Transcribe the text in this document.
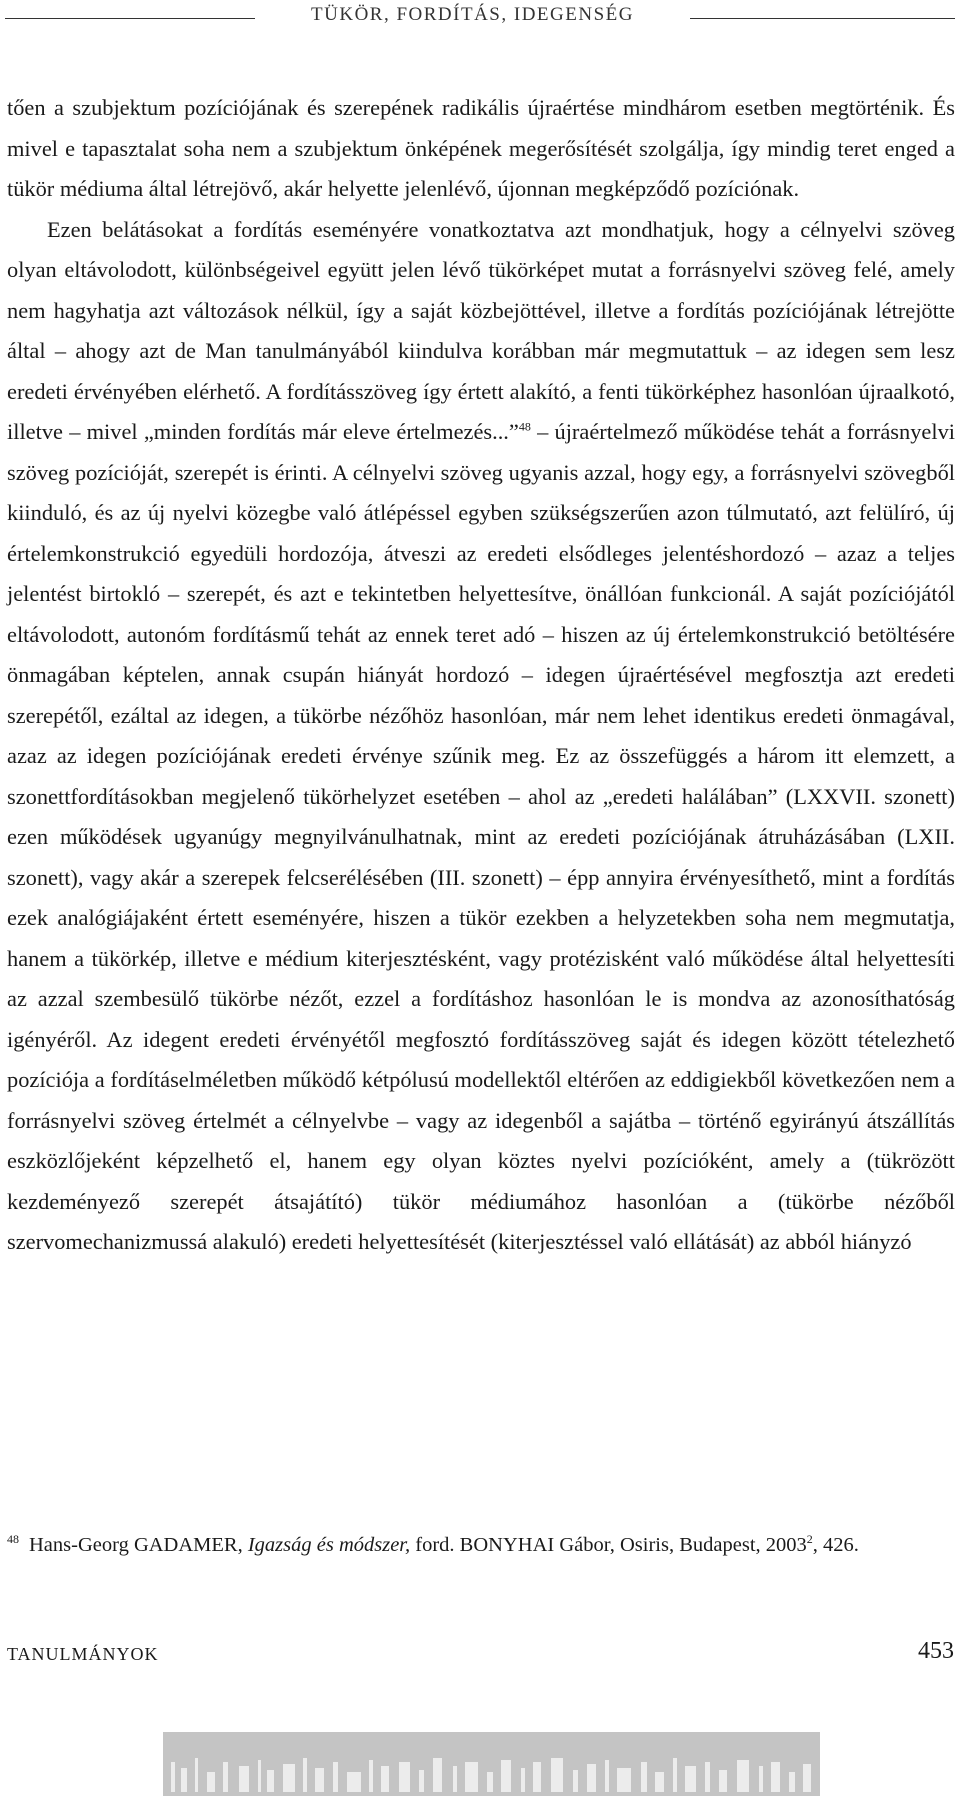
TÜKÖR, FORDÍTÁS, IDEGENSÉG

tően a szubjektum pozíciójának és szerepének radikális újraértése mindhárom esetben megtörténik. És mivel e tapasztalat soha nem a szubjektum önképének megerősítését szolgálja, így mindig teret enged a tükör médiuma által létrejövő, akár helyette jelenlévő, újonnan megképződő pozíciónak.

Ezen belátásokat a fordítás eseményére vonatkoztatva azt mondhatjuk, hogy a célnyelvi szöveg olyan eltávolodott, különbségeivel együtt jelen lévő tükörképet mutat a forrásnyelvi szöveg felé, amely nem hagyhatja azt változások nélkül, így a saját közbejöttével, illetve a fordítás pozíciójának létrejötte által – ahogy azt de Man tanulmányából kiindulva korábban már megmutattuk – az idegen sem lesz eredeti érvényében elérhető. A fordításszöveg így értett alakító, a fenti tükörképhez hasonlóan újraalkotó, illetve – mivel „minden fordítás már eleve értelmezés...”$^{48}$ – újraértelmező működése tehát a forrásnyelvi szöveg pozícióját, szerepét is érinti. A célnyelvi szöveg ugyanis azzal, hogy egy, a forrásnyelvi szövegből kiinduló, és az új nyelvi közegbe való átlépéssel egyben szükségszerűen azon túlmutató, azt felülíró, új értelemkonstrukció egyedüli hordozója, átveszi az eredeti elsődleges jelentéshordozó – azaz a teljes jelentést birtokló – szerepét, és azt e tekintetben helyettesítve, önállóan funkcionál. A saját pozíciójától eltávolodott, autonóm fordításmű tehát az ennek teret adó – hiszen az új értelemkonstrukció betöltésére önmagában képtelen, annak csupán hiányát hordozó – idegen újraértésével megfosztja azt eredeti szerepétől, ezáltal az idegen, a tükörbe nézőhöz hasonlóan, már nem lehet identikus eredeti önmagával, azaz az idegen pozíciójának eredeti érvénye szűnik meg. Ez az összefüggés a három itt elemzett, a szonettfordításokban megjelenő tükörhelyzet esetében – ahol az „eredeti halálában” (LXXVII. szonett) ezen működések ugyanúgy megnyilvánulhatnak, mint az eredeti pozíciójának átruházásában (LXII. szonett), vagy akár a szerepek felcserélésében (III. szonett) – épp annyira érvényesíthető, mint a fordítás ezek analógiájaként értett eseményére, hiszen a tükör ezekben a helyzetekben soha nem megmutatja, hanem a tükörkép, illetve e médium kiterjesztésként, vagy protézisként való működése által helyettesíti az azzal szembesülő tükörbe nézőt, ezzel a fordításhoz hasonlóan le is mondva az azonosíthatóság igényéről. Az idegent eredeti érvényétől megfosztó fordításszöveg saját és idegen között tételezhető pozíciója a fordításelméletben működő kétpólusú modellektől eltérően az eddigiekből következően nem a forrásnyelvi szöveg értelmét a célnyelvbe – vagy az idegenből a sajátba – történő egyirányú átszállítás eszközlőjeként képzelhető el, hanem egy olyan köztes nyelvi pozícióként, amely a (tükrözött kezdeményező szerepét átsajátító) tükör médiumához hasonlóan a (tükörbe nézőből szervomechanizmussá alakuló) eredeti helyettesítését (kiterjesztéssel való ellátását) az abból hiányzó

$^{48}$ Hans-Georg GADAMER, Igazság és módszer, ford. BONYHAI Gábor, Osiris, Budapest, 2003$^2$, 426.
TANULMÁNYOK	453
